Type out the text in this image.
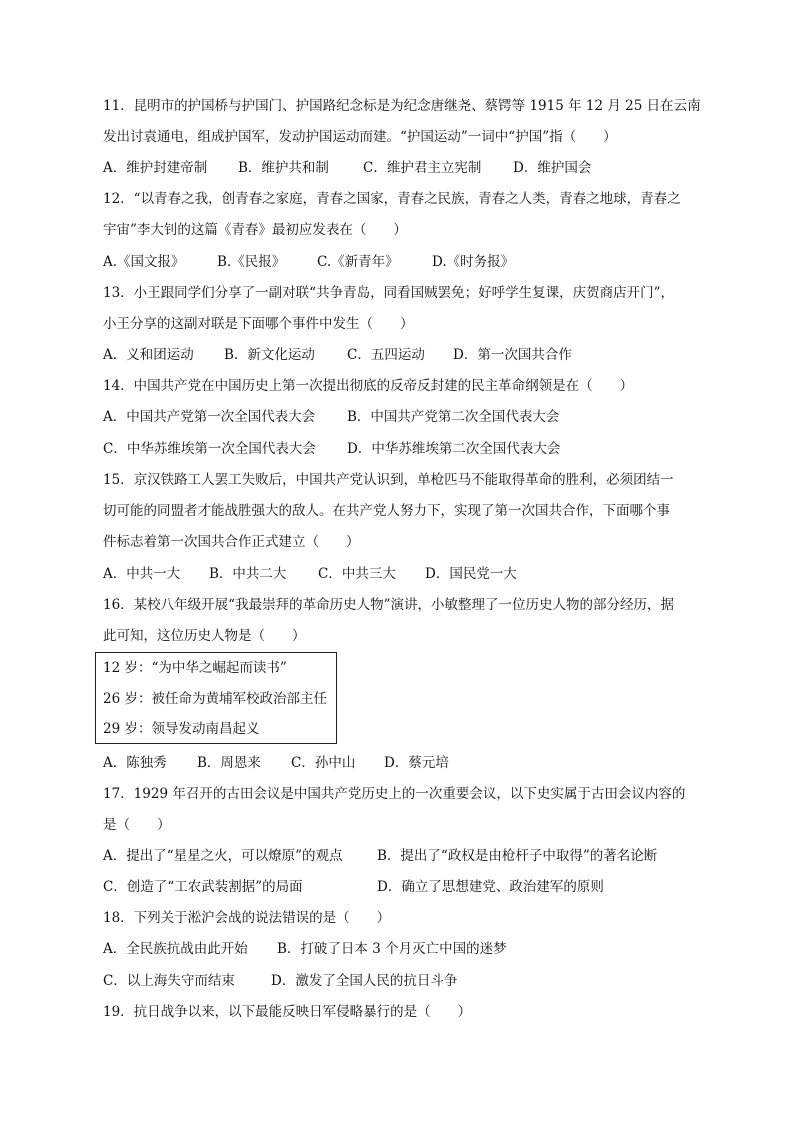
11．昆明市的护国桥与护国门、护国路纪念标是为纪念唐继尧、蔡锷等 1915 年 12 月 25 日在云南
发出讨袁通电，组成护国军，发动护国运动而建。“护国运动”一词中“护国”指（　　）
A．维护封建帝制 B．维护共和制	C．维护君主立宪制 D．维护国会
12．“以青春之我，创青春之家庭，青春之国家，青春之民族，青春之人类，青春之地球，青春之
宇宙”李大钊的这篇《青春》最初应发表在（　　）
A.《国文报》 B.《民报》 C.《新青年》 D.《时务报》
13．小王跟同学们分享了一副对联“共争青岛，同看国贼罢免；好呼学生复课，庆贺商店开门”，
小王分享的这副对联是下面哪个事件中发生（　　）
A．义和团运动 B．新文化运动 C．五四运动 D．第一次国共合作
14．中国共产党在中国历史上第一次提出彻底的反帝反封建的民主革命纲领是在（　　）
A．中国共产党第一次全国代表大会 B．中国共产党第二次全国代表大会
C．中华苏维埃第一次全国代表大会 D．中华苏维埃第二次全国代表大会
15．京汉铁路工人罢工失败后，中国共产党认识到，单枪匹马不能取得革命的胜利，必须团结一
切可能的同盟者才能战胜强大的敌人。在共产党人努力下，实现了第一次国共合作，下面哪个事
件标志着第一次国共合作正式建立（　　）
A．中共一大 B．中共二大 C．中共三大 D．国民党一大
16．某校八年级开展“我最崇拜的革命历史人物”演讲，小敏整理了一位历史人物的部分经历，据
此可知，这位历史人物是（　　）
12 岁：“为中华之崛起而读书”
26 岁：被任命为黄埔军校政治部主任
29 岁：领导发动南昌起义
A．陈独秀 B．周恩来 C．孙中山 D．蔡元培
17．1929 年召开的古田会议是中国共产党历史上的一次重要会议，以下史实属于古田会议内容的
是（　　）
A．提出了“星星之火，可以燎原”的观点	B．提出了“政权是由枪杆子中取得”的著名论断
C．创造了“工农武装割据”的局面	D．确立了思想建党、政治建军的原则
18．下列关于淞沪会战的说法错误的是（　　）
A．全民族抗战由此开始 B．打破了日本 3 个月灭亡中国的迷梦
C．以上海失守而结束	D．激发了全国人民的抗日斗争
19．抗日战争以来，以下最能反映日军侵略暴行的是（　　）
